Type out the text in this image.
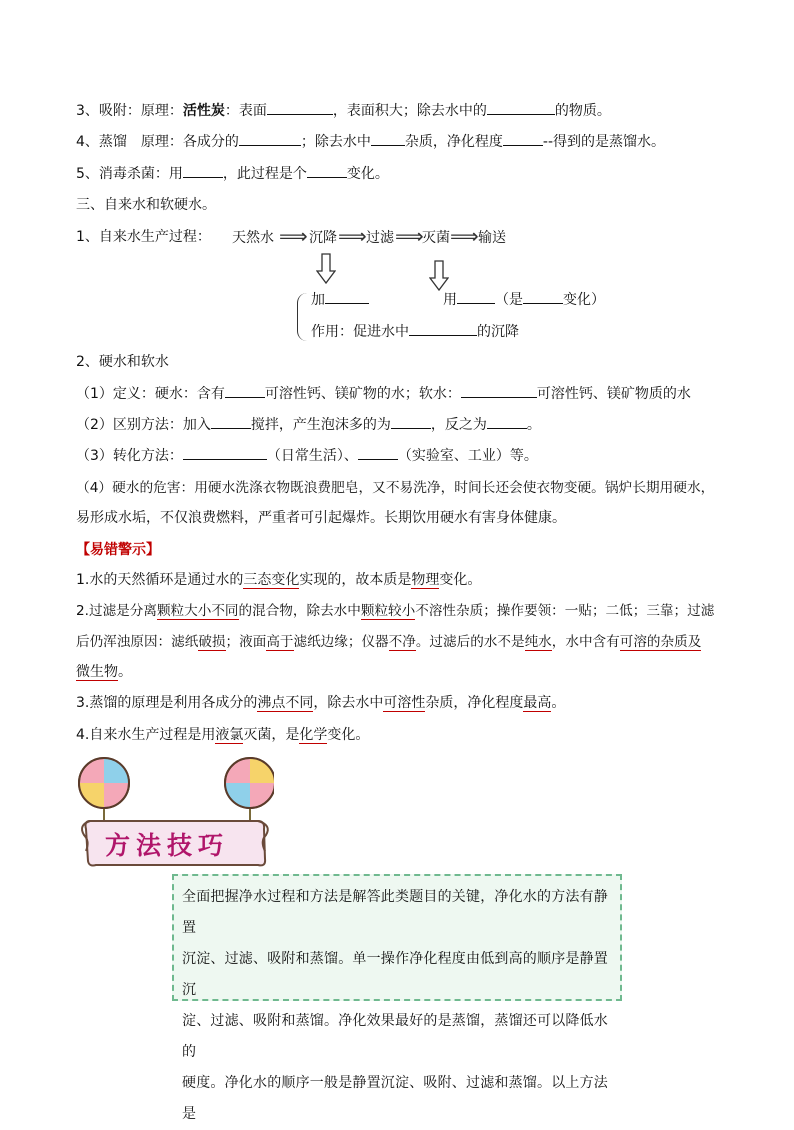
3、吸附：原理：活性炭：表面	，表面积大；除去水中的	的物质。
4、蒸馏　原理：各成分的	；除去水中 杂质，净化程度	--得到的是蒸馏水。
5、消毒杀菌：用	，此过程是个	变化。
三、自来水和软硬水。
1、自来水生产过程： 天然水 ⟹ 沉降 ⟹ 过滤 ⟹
灭菌 ⟹ 输送
加	用	（是	变化）
作用：促进水中	的沉降
2、硬水和软水
（1）定义：硬水：含有	可溶性钙、镁矿物的水；软水：	可溶性钙、镁矿物质的水
（2）区别方法：加入	搅拌，产生泡沫多的为	，反之为	。
（3）转化方法：	（日常生活）、	（实验室、工业）等。
（4）硬水的危害：用硬水洗涤衣物既浪费肥皂，又不易洗净，时间长还会使衣物变硬。锅炉长期用硬水，
易形成水垢，不仅浪费燃料，严重者可引起爆炸。长期饮用硬水有害身体健康。
【易错警示】
1.水的天然循环是通过水的三态变化实现的，故本质是物理变化。
2.过滤是分离颗粒大小不同的混合物，除去水中颗粒较小不溶性杂质；操作要领：一贴；二低；三靠；过滤
后仍浑浊原因：滤纸破损；液面高于滤纸边缘；仪器不净。过滤后的水不是纯水，水中含有可溶的杂质及
微生物。
3.蒸馏的原理是利用各成分的沸点不同，除去水中可溶性杂质，净化程度最高。
4.自来水生产过程是用液氯灭菌，是化学变化。
方法技巧
全面把握净水过程和方法是解答此类题目的关键，净化水的方法有静置
沉淀、过滤、吸附和蒸馏。单一操作净化程度由低到高的顺序是静置沉
淀、过滤、吸附和蒸馏。净化效果最好的是蒸馏，蒸馏还可以降低水的
硬度。净化水的顺序一般是静置沉淀、吸附、过滤和蒸馏。以上方法是
